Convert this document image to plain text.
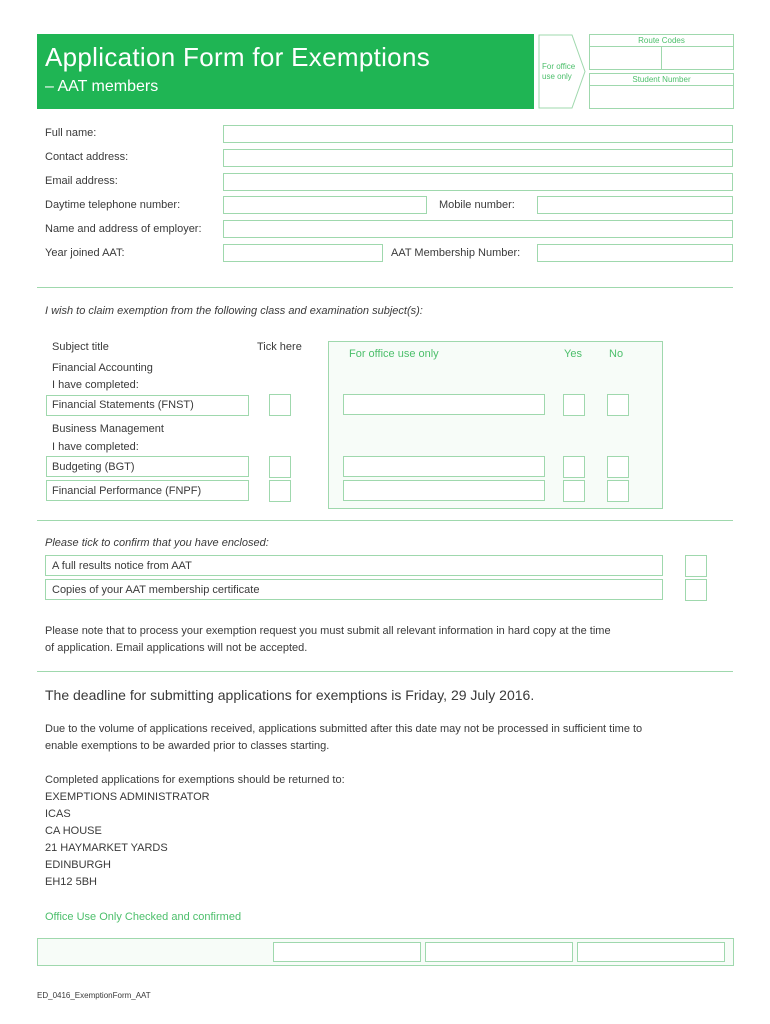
Application Form for Exemptions
– AAT members
For office
use only
Route Codes
Student Number
Full name:
Contact address:
Email address:
Daytime telephone number:	Mobile number:
Name and address of employer:
Year joined AAT:	AAT Membership Number:
I wish to claim exemption from the following class and examination subject(s):
Subject title	Tick here
For office use only	Yes No
Financial Accounting
I have completed:
Financial Statements (FNST)
Business Management
I have completed:
Budgeting (BGT)
Financial Performance (FNPF)
Please tick to confirm that you have enclosed:
A full results notice from AAT
Copies of your AAT membership certificate
Please note that to process your exemption request you must submit all relevant information in hard copy at the time
of application. Email applications will not be accepted.
The deadline for submitting applications for exemptions is Friday, 29 July 2016.
Due to the volume of applications received, applications submitted after this date may not be processed in sufficient time to
enable exemptions to be awarded prior to classes starting.
Completed applications for exemptions should be returned to:
EXEMPTIONS ADMINISTRATOR
ICAS
CA HOUSE
21 HAYMARKET YARDS
EDINBURGH
EH12 5BH
Office Use Only Checked and confirmed
ED_0416_ExemptionForm_AAT
